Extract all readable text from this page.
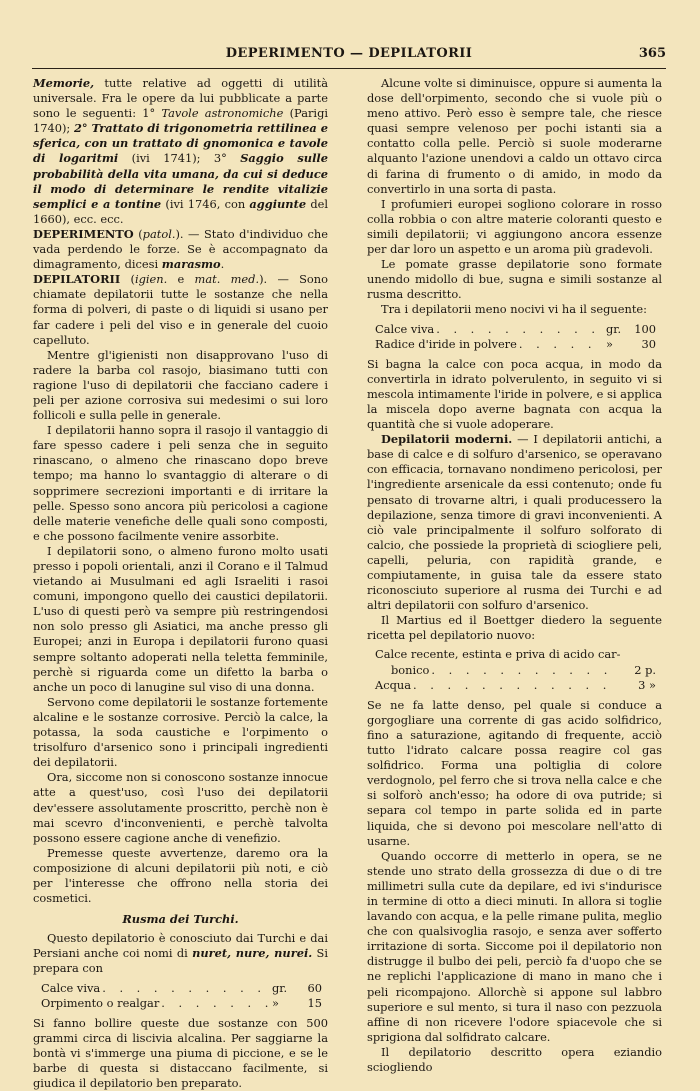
DEPERIMENTO — DEPILATORII	365

Memorie, tutte relative ad oggetti di utilità universale. Fra le opere da lui pubblicate a parte sono le seguenti: 1° Tavole astronomiche (Parigi 1740); 2° Trattato di trigonometria rettilinea e sferica, con un trattato di gnomonica e tavole di logaritmi (ivi 1741); 3° Saggio sulle probabilità della vita umana, da cui si deduce il modo di determinare le rendite vitalizie semplici e a tontine (ivi 1746, con aggiunte del 1660), ecc. ecc.

DEPERIMENTO (patol.). — Stato d'individuo che vada perdendo le forze. Se è accompagnato da dimagramento, dicesi marasmo.

DEPILATORII (igien. e mat. med.). — Sono chiamate depilatorii tutte le sostanze che nella forma di polveri, di paste o di liquidi si usano per far cadere i peli del viso e in generale del cuoio capelluto.

Mentre gl'igienisti non disapprovano l'uso di radere la barba col rasojo, biasimano tutti con ragione l'uso di depilatorii che facciano cadere i peli per azione corrosiva sui medesimi o sui loro follicoli e sulla pelle in generale.

I depilatorii hanno sopra il rasojo il vantaggio di fare spesso cadere i peli senza che in seguito rinascano, o almeno che rinascano dopo breve tempo; ma hanno lo svantaggio di alterare o di sopprimere secrezioni importanti e di irritare la pelle. Spesso sono ancora più pericolosi a cagione delle materie venefiche delle quali sono composti, e che possono facilmente venire assorbite.

I depilatorii sono, o almeno furono molto usati presso i popoli orientali, anzi il Corano e il Talmud vietando ai Musulmani ed agli Israeliti i rasoi comuni, impongono quello dei caustici depilatorii. L'uso di questi però va sempre più restringendosi non solo presso gli Asiatici, ma anche presso gli Europei; anzi in Europa i depilatorii furono quasi sempre soltanto adoperati nella teletta femminile, perchè si riguarda come un difetto la barba o anche un poco di lanugine sul viso di una donna.

Servono come depilatorii le sostanze fortemente alcaline e le sostanze corrosive. Perciò la calce, la potassa, la soda caustiche e l'orpimento o trisolfuro d'arsenico sono i principali ingredienti dei depilatorii.

Ora, siccome non si conoscono sostanze innocue atte a quest'uso, così l'uso dei depilatorii dev'essere assolutamente proscritto, perchè non è mai scevro d'inconvenienti, e perchè talvolta possono essere cagione anche di venefizio.

Premesse queste avvertenze, daremo ora la composizione di alcuni depilatorii più noti, e ciò per l'interesse che offrono nella storia dei cosmetici.

Rusma dei Turchi.

Questo depilatorio è conosciuto dai Turchi e dai Persiani anche coi nomi di nuret, nure, nurei. Si prepara con

Calce viva . . .	gr.	60
Orpimento o realgar . . .	»	15

Si fanno bollire queste due sostanze con 500 grammi circa di liscivia alcalina. Per saggiarne la bontà vi s'immerge una piuma di piccione, e se le barbe di questa si distaccano facilmente, si giudica il depilatorio ben preparato.

Alcune volte si diminuisce, oppure si aumenta la dose dell'orpimento, secondo che si vuole più o meno attivo. Però esso è sempre tale, che riesce quasi sempre velenoso per pochi istanti sia a contatto colla pelle. Perciò si suole moderarne alquanto l'azione unendovi a caldo un ottavo circa di farina di frumento o di amido, in modo da convertirlo in una sorta di pasta.

I profumieri europei sogliono colorare in rosso colla robbia o con altre materie coloranti questo e simili depilatorii; vi aggiungono ancora essenze per dar loro un aspetto e un aroma più gradevoli.

Le pomate grasse depilatorie sono formate unendo midollo di bue, sugna e simili sostanze al rusma descritto.

Tra i depilatorii meno nocivi vi ha il seguente:

Calce viva . . .	gr.	100
Radice d'iride in polvere . . .	»	30

Si bagna la calce con poca acqua, in modo da convertirla in idrato polverulento, in seguito vi si mescola intimamente l'iride in polvere, e si applica la miscela dopo averne bagnata con acqua la quantità che si vuole adoperare.

Depilatorii moderni. — I depilatorii antichi, a base di calce e di solfuro d'arsenico, se operavano con efficacia, tornavano nondimeno pericolosi, per l'ingrediente arsenicale da essi contenuto; onde fu pensato di trovarne altri, i quali producessero la depilazione, senza timore di gravi inconvenienti. A ciò vale principalmente il solfuro solforato di calcio, che possiede la proprietà di sciogliere peli, capelli, peluria, con rapidità grande, e compiutamente, in guisa tale da essere stato riconosciuto superiore al rusma dei Turchi e ad altri depilatorii con solfuro d'arsenico.

Il Martius ed il Boettger diedero la seguente ricetta pel depilatorio nuovo:

Calce recente, estinta e priva di acido car-
bonico . . .	2 p.
Acqua . . .	3 »

Se ne fa latte denso, pel quale si conduce a gorgogliare una corrente di gas acido solfidrico, fino a saturazione, agitando di frequente, acciò tutto l'idrato calcare possa reagire col gas solfidrico. Forma una poltiglia di colore verdognolo, pel ferro che si trova nella calce e che si solforò anch'esso; ha odore di ova putride; si separa col tempo in parte solida ed in parte liquida, che si devono poi mescolare nell'atto di usarne.

Quando occorre di metterlo in opera, se ne stende uno strato della grossezza di due o di tre millimetri sulla cute da depilare, ed ivi s'indurisce in termine di otto a dieci minuti. In allora si toglie lavando con acqua, e la pelle rimane pulita, meglio che con qualsivoglia rasojo, e senza aver sofferto irritazione di sorta. Siccome poi il depilatorio non distrugge il bulbo dei peli, perciò fa d'uopo che se ne replichi l'applicazione di mano in mano che i peli ricompajono. Allorchè si appone sul labbro superiore e sul mento, si tura il naso con pezzuola affine di non ricevere l'odore spiacevole che si sprigiona dal solfidrato calcare.

Il depilatorio descritto opera eziandio sciogliendo
